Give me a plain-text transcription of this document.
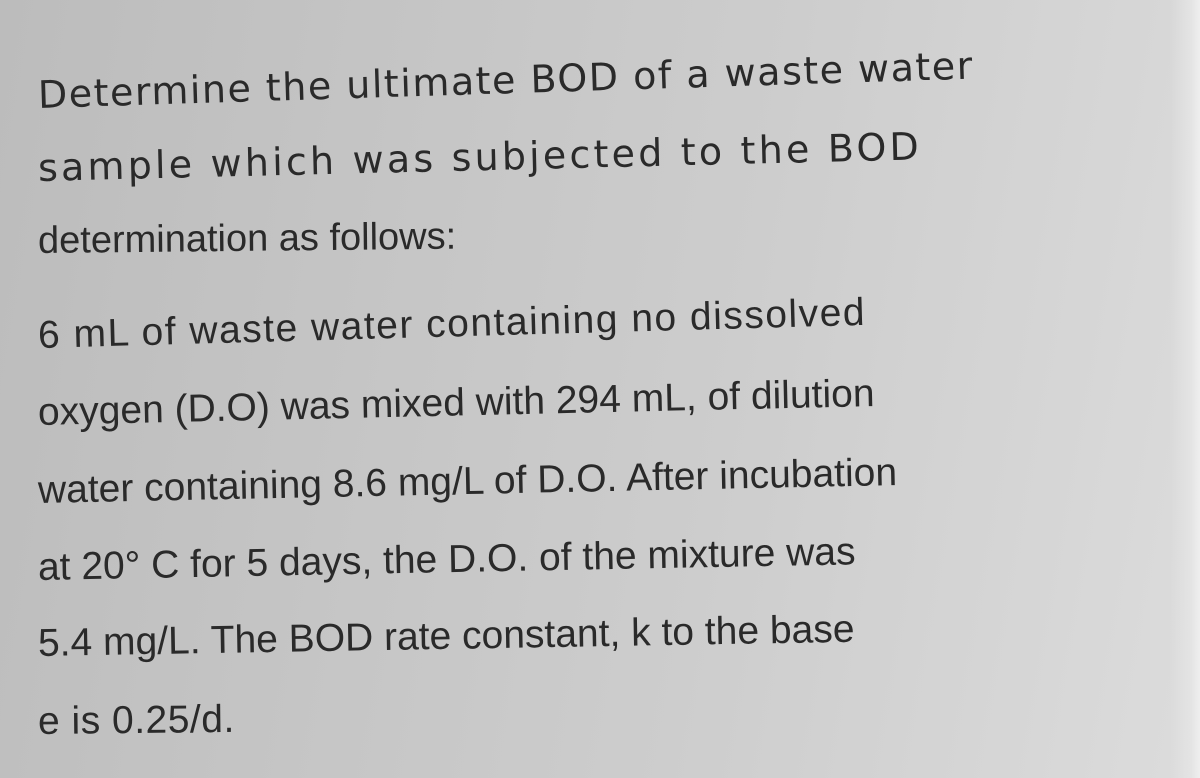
Determine the ultimate BOD of a waste water
sample which was subjected to the BOD
determination as follows:
6 mL of waste water containing no dissolved
oxygen (D.O) was mixed with 294 mL, of dilution
water containing 8.6 mg/L of D.O. After incubation
at 20° C for 5 days, the D.O. of the mixture was
5.4 mg/L. The BOD rate constant, k to the base
e is 0.25/d.
